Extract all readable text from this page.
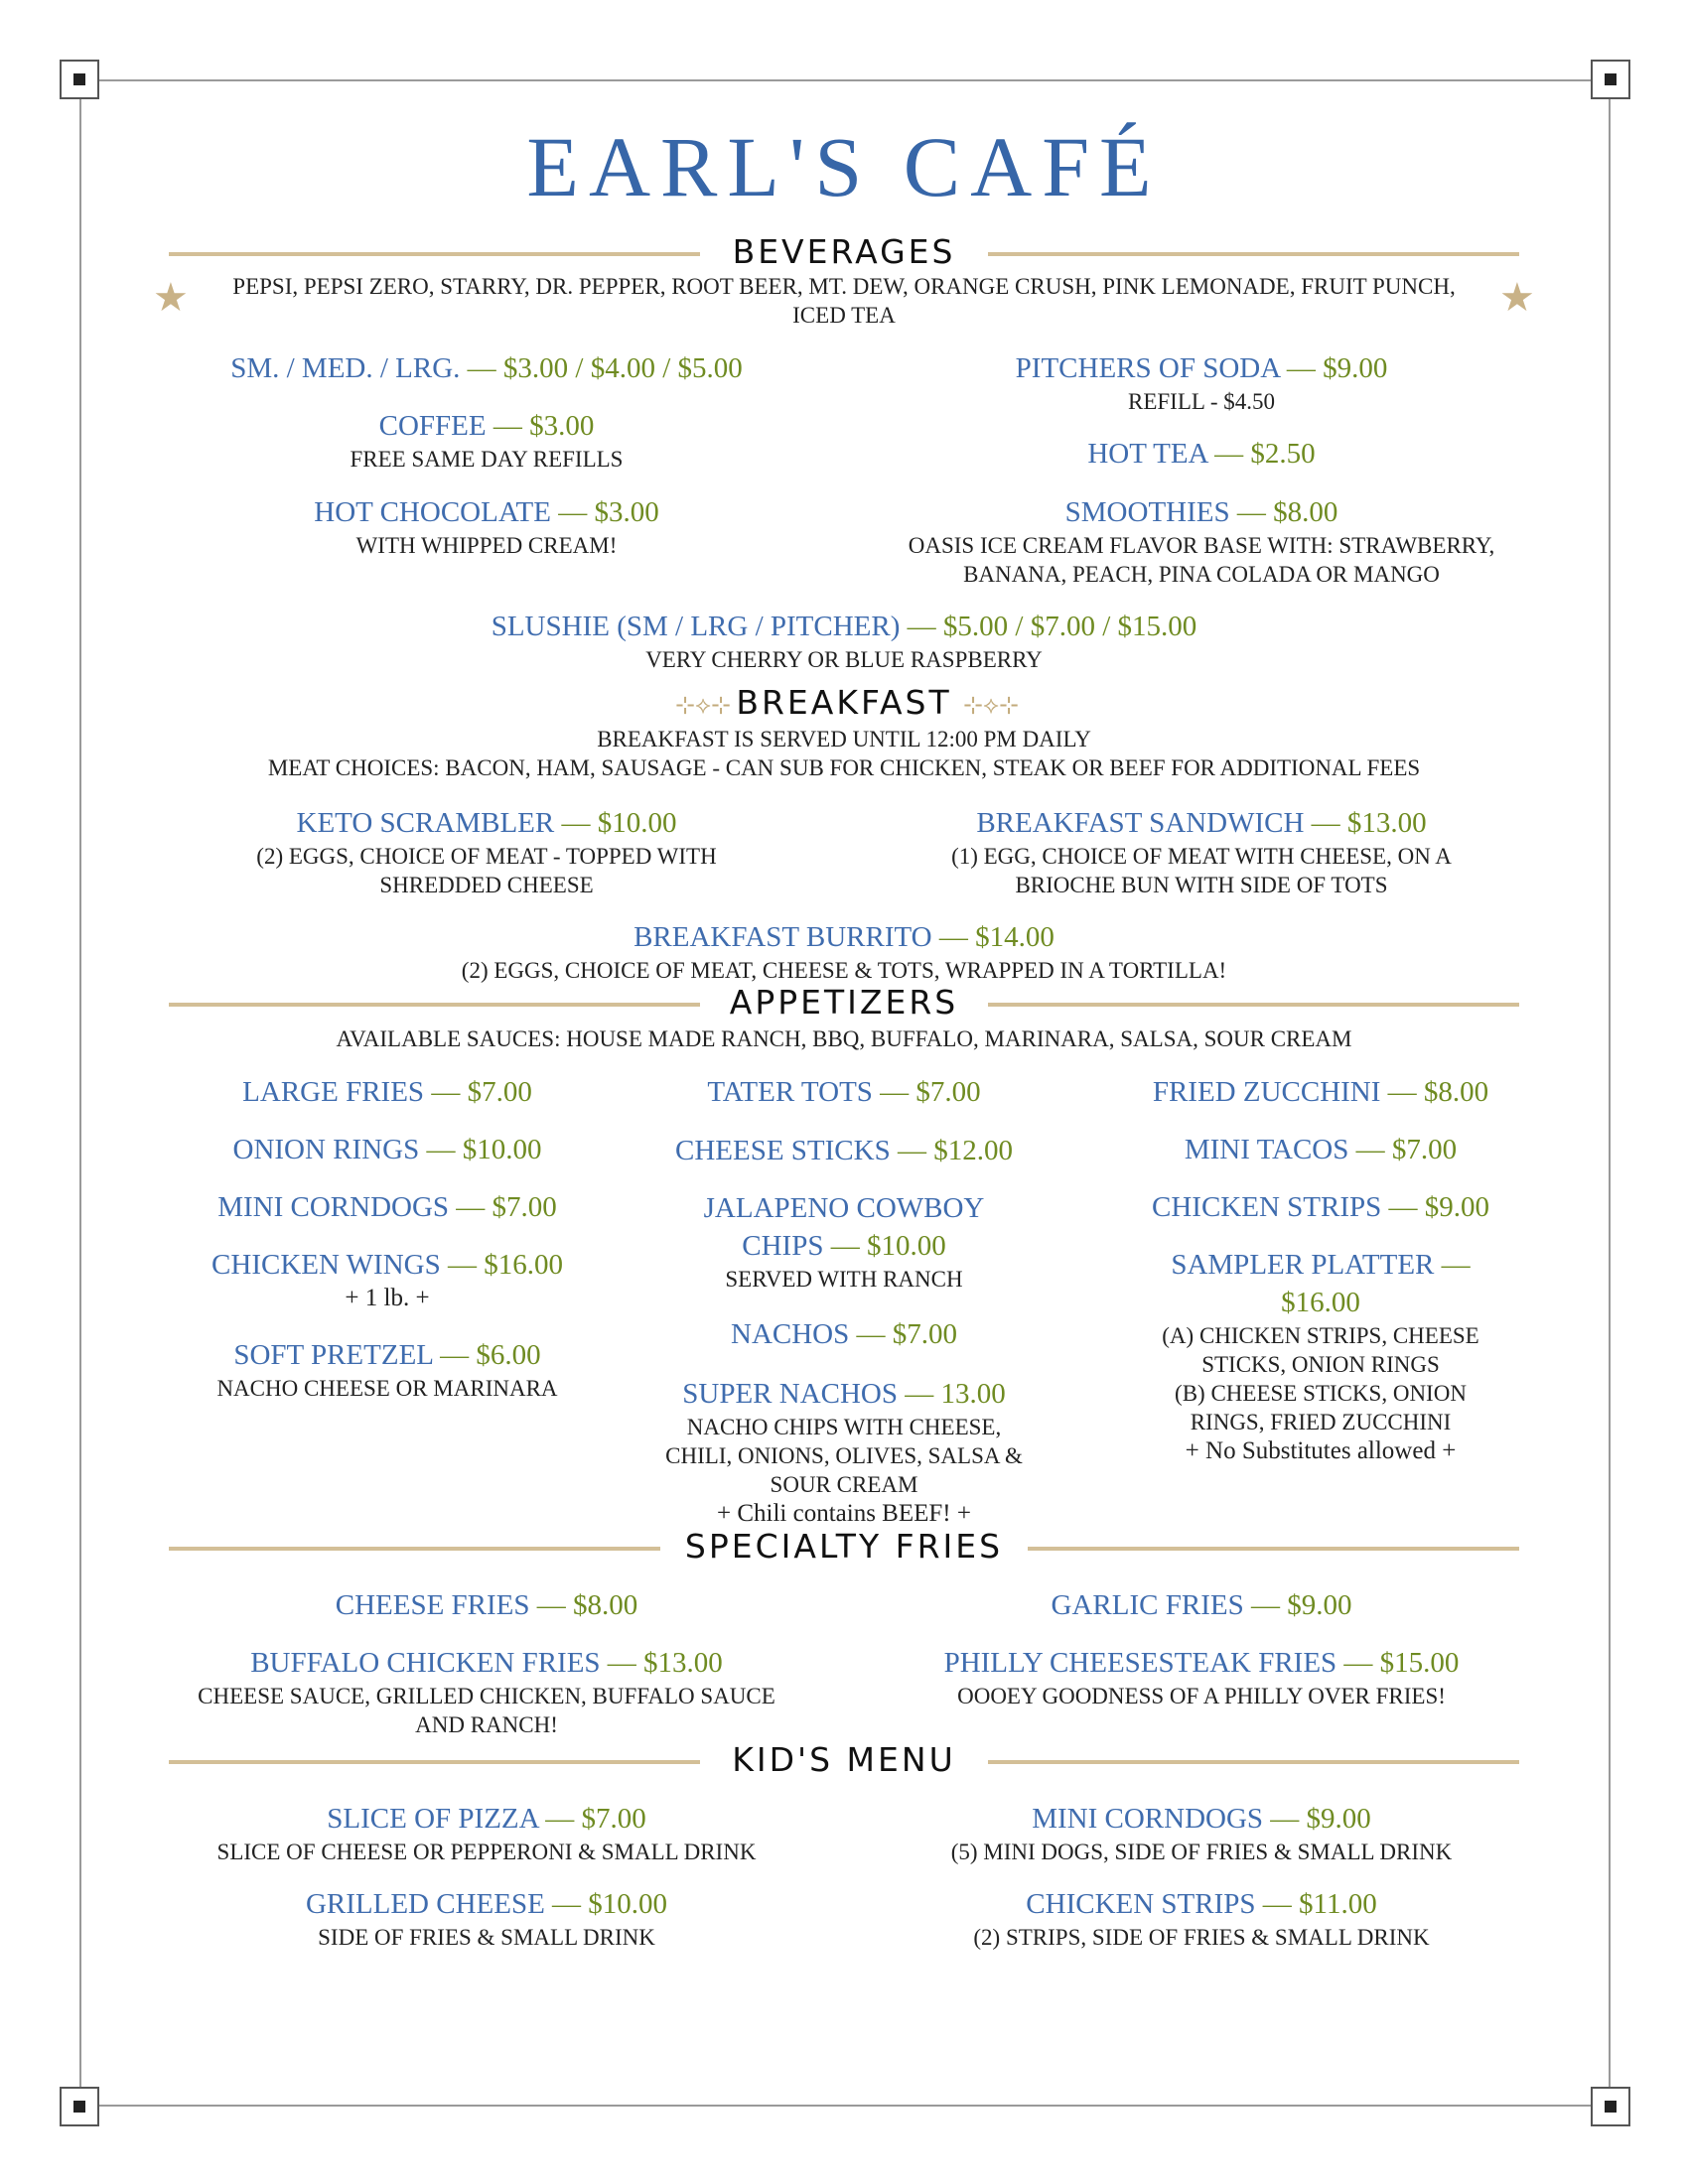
EARL'S CAFÉ
BEVERAGES
★	★
PEPSI, PEPSI ZERO, STARRY, DR. PEPPER, ROOT BEER, MT. DEW, ORANGE CRUSH, PINK LEMONADE, FRUIT PUNCH,
ICED TEA
SM. / MED. / LRG. — $3.00 / $4.00 / $5.00	PITCHERS OF SODA — $9.00
REFILL - $4.50
COFFEE — $3.00
FREE SAME DAY REFILLS	HOT TEA — $2.50
HOT CHOCOLATE — $3.00
WITH WHIPPED CREAM!
SMOOTHIES — $8.00
OASIS ICE CREAM FLAVOR BASE WITH: STRAWBERRY,
BANANA, PEACH, PINA COLADA OR MANGO
SLUSHIE (SM / LRG / PITCHER) — $5.00 / $7.00 / $15.00
VERY CHERRY OR BLUE RASPBERRY
⊹⟡⊹	⊹⟡⊹
BREAKFAST
BREAKFAST IS SERVED UNTIL 12:00 PM DAILY
MEAT CHOICES: BACON, HAM, SAUSAGE - CAN SUB FOR CHICKEN, STEAK OR BEEF FOR ADDITIONAL FEES
KETO SCRAMBLER — $10.00
(2) EGGS, CHOICE OF MEAT - TOPPED WITH
SHREDDED CHEESE
BREAKFAST SANDWICH — $13.00
(1) EGG, CHOICE OF MEAT WITH CHEESE, ON A
BRIOCHE BUN WITH SIDE OF TOTS
BREAKFAST BURRITO — $14.00
(2) EGGS, CHOICE OF MEAT, CHEESE & TOTS, WRAPPED IN A TORTILLA!
APPETIZERS
AVAILABLE SAUCES: HOUSE MADE RANCH, BBQ, BUFFALO, MARINARA, SALSA, SOUR CREAM
LARGE FRIES — $7.00
ONION RINGS — $10.00
MINI CORNDOGS — $7.00
CHICKEN WINGS — $16.00
+ 1 lb. +
SOFT PRETZEL — $6.00
NACHO CHEESE OR MARINARA
TATER TOTS — $7.00
CHEESE STICKS — $12.00
JALAPENO COWBOY
CHIPS — $10.00
SERVED WITH RANCH
NACHOS — $7.00
SUPER NACHOS — 13.00
NACHO CHIPS WITH CHEESE,
CHILI, ONIONS, OLIVES, SALSA &
SOUR CREAM
+ Chili contains BEEF! +
FRIED ZUCCHINI — $8.00
MINI TACOS — $7.00
CHICKEN STRIPS — $9.00
SAMPLER PLATTER —
$16.00
(A) CHICKEN STRIPS, CHEESE
STICKS, ONION RINGS
(B) CHEESE STICKS, ONION
RINGS, FRIED ZUCCHINI
+ No Substitutes allowed +
SPECIALTY FRIES
CHEESE FRIES — $8.00	GARLIC FRIES — $9.00
BUFFALO CHICKEN FRIES — $13.00
CHEESE SAUCE, GRILLED CHICKEN, BUFFALO SAUCE
AND RANCH!
PHILLY CHEESESTEAK FRIES — $15.00
OOOEY GOODNESS OF A PHILLY OVER FRIES!
KID'S MENU
SLICE OF PIZZA — $7.00
SLICE OF CHEESE OR PEPPERONI & SMALL DRINK
MINI CORNDOGS — $9.00
(5) MINI DOGS, SIDE OF FRIES & SMALL DRINK
GRILLED CHEESE — $10.00
SIDE OF FRIES & SMALL DRINK
CHICKEN STRIPS — $11.00
(2) STRIPS, SIDE OF FRIES & SMALL DRINK
